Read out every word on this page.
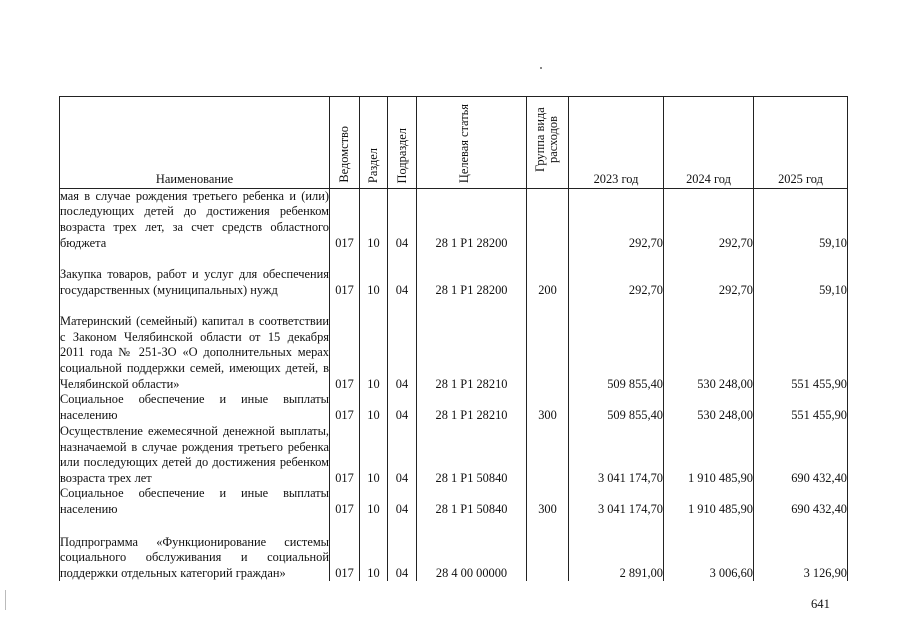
Наименование	Ведомство	Раздел	Подраздел	Целевая статья	Группа вида расходов	2023 год	2024 год	2025 год
мая в случае рождения третьего ребенка и (или) последующих детей до достижения ребенком возраста трех лет, за счет средств областного бюджета	017	10	04	28 1 P1 28200		292,70	292,70	59,10
Закупка товаров, работ и услуг для обеспечения государственных (муниципальных) нужд	017	10	04	28 1 P1 28200	200	292,70	292,70	59,10
Материнский (семейный) капитал в соответствии с Законом Челябинской области от 15 декабря 2011 года № 251-ЗО «О дополнительных мерах социальной поддержки семей, имеющих детей, в Челябинской области»	017	10	04	28 1 P1 28210		509 855,40	530 248,00	551 455,90
Социальное обеспечение и иные выплаты населению	017	10	04	28 1 P1 28210	300	509 855,40	530 248,00	551 455,90
Осуществление ежемесячной денежной выплаты, назначаемой в случае рождения третьего ребенка или последующих детей до достижения ребенком возраста трех лет	017	10	04	28 1 P1 50840		3 041 174,70	1 910 485,90	690 432,40
Социальное обеспечение и иные выплаты населению	017	10	04	28 1 P1 50840	300	3 041 174,70	1 910 485,90	690 432,40
Подпрограмма «Функционирование системы социального обслуживания и социальной поддержки отдельных категорий граждан»	017	10	04	28 4 00 00000		2 891,00	3 006,60	3 126,90
641
